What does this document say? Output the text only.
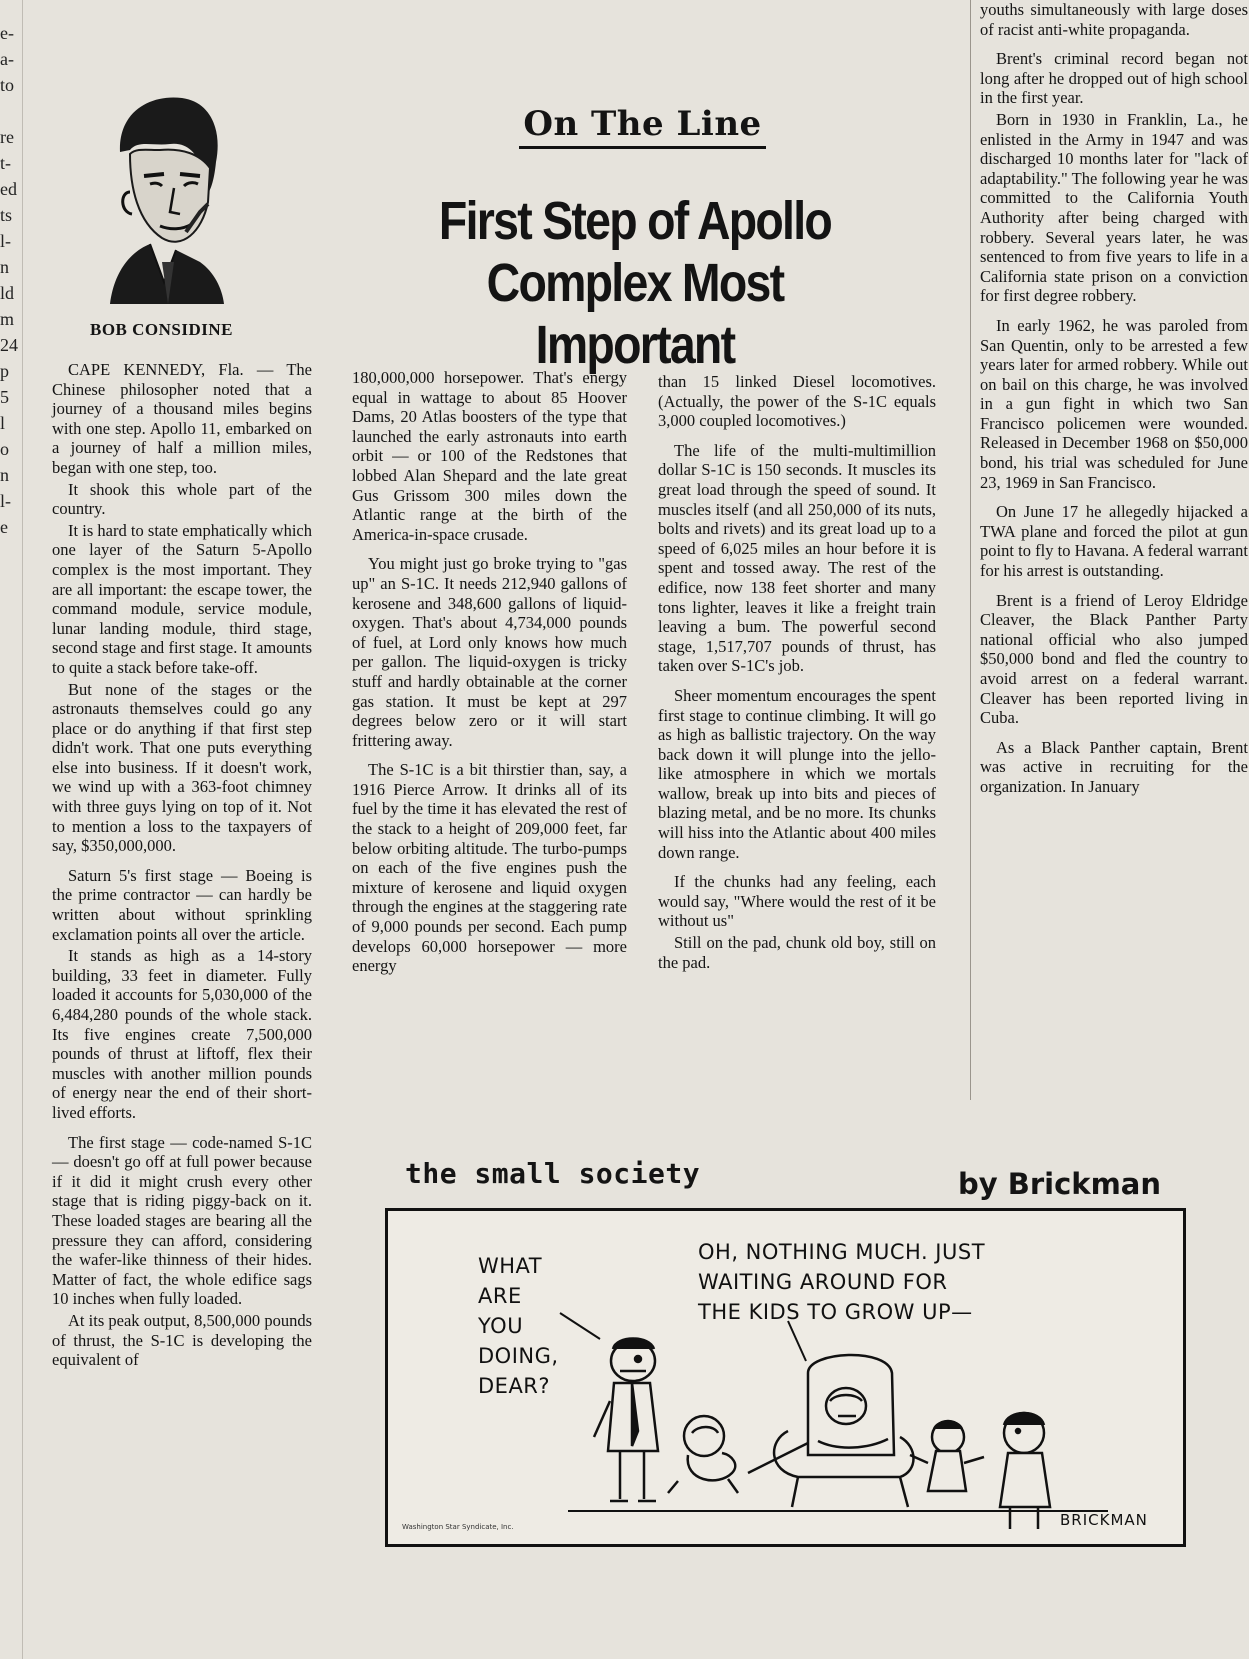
e-
a-
to

re
t-
ed
ts
l-
n
ld
m
24
p
5
l
o
n
l-
e
BOB CONSIDINE
On The Line
First Step of Apollo
Complex Most Important

CAPE KENNEDY, Fla. — The Chinese philosopher noted that a journey of a thousand miles begins with one step. Apollo 11, embarked on a journey of half a million miles, began with one step, too.

It shook this whole part of the country.

It is hard to state emphatically which one layer of the Saturn 5-Apollo complex is the most important. They are all important: the escape tower, the command module, service module, lunar landing module, third stage, second stage and first stage. It amounts to quite a stack before take-off.

But none of the stages or the astronauts themselves could go any place or do anything if that first step didn't work. That one puts everything else into business. If it doesn't work, we wind up with a 363-foot chimney with three guys lying on top of it. Not to mention a loss to the taxpayers of say, $350,000,000.

Saturn 5's first stage — Boeing is the prime contractor — can hardly be written about without sprinkling exclamation points all over the article.

It stands as high as a 14-story building, 33 feet in diameter. Fully loaded it accounts for 5,030,000 of the 6,484,280 pounds of the whole stack. Its five engines create 7,500,000 pounds of thrust at liftoff, flex their muscles with another million pounds of energy near the end of their short-lived efforts.

The first stage — code-named S-1C — doesn't go off at full power because if it did it might crush every other stage that is riding piggy-back on it. These loaded stages are bearing all the pressure they can afford, considering the wafer-like thinness of their hides. Matter of fact, the whole edifice sags 10 inches when fully loaded.

At its peak output, 8,500,000 pounds of thrust, the S-1C is developing the equivalent of

180,000,000 horsepower. That's energy equal in wattage to about 85 Hoover Dams, 20 Atlas boosters of the type that launched the early astronauts into earth orbit — or 100 of the Redstones that lobbed Alan Shepard and the late great Gus Grissom 300 miles down the Atlantic range at the birth of the America-in-space crusade.

You might just go broke trying to "gas up" an S-1C. It needs 212,940 gallons of kerosene and 348,600 gallons of liquid-oxygen. That's about 4,734,000 pounds of fuel, at Lord only knows how much per gallon. The liquid-oxygen is tricky stuff and hardly obtainable at the corner gas station. It must be kept at 297 degrees below zero or it will start frittering away.

The S-1C is a bit thirstier than, say, a 1916 Pierce Arrow. It drinks all of its fuel by the time it has elevated the rest of the stack to a height of 209,000 feet, far below orbiting altitude. The turbo-pumps on each of the five engines push the mixture of kerosene and liquid oxygen through the engines at the staggering rate of 9,000 pounds per second. Each pump develops 60,000 horsepower — more energy

than 15 linked Diesel locomotives. (Actually, the power of the S-1C equals 3,000 coupled locomotives.)

The life of the multi-multimillion dollar S-1C is 150 seconds. It muscles its great load through the speed of sound. It muscles itself (and all 250,000 of its nuts, bolts and rivets) and its great load up to a speed of 6,025 miles an hour before it is spent and tossed away. The rest of the edifice, now 138 feet shorter and many tons lighter, leaves it like a freight train leaving a bum. The powerful second stage, 1,517,707 pounds of thrust, has taken over S-1C's job.

Sheer momentum encourages the spent first stage to continue climbing. It will go as high as ballistic trajectory. On the way back down it will plunge into the jello-like atmosphere in which we mortals wallow, break up into bits and pieces of blazing metal, and be no more. Its chunks will hiss into the Atlantic about 400 miles down range.

If the chunks had any feeling, each would say, "Where would the rest of it be without us"

Still on the pad, chunk old boy, still on the pad.

youths simultaneously with large doses of racist anti-white propaganda.

Brent's criminal record began not long after he dropped out of high school in the first year.

Born in 1930 in Franklin, La., he enlisted in the Army in 1947 and was discharged 10 months later for "lack of adaptability." The following year he was committed to the California Youth Authority after being charged with robbery. Several years later, he was sentenced to from five years to life in a California state prison on a conviction for first degree robbery.

In early 1962, he was paroled from San Quentin, only to be arrested a few years later for armed robbery. While out on bail on this charge, he was involved in a gun fight in which two San Francisco policemen were wounded. Released in December 1968 on $50,000 bond, his trial was scheduled for June 23, 1969 in San Francisco.

On June 17 he allegedly hijacked a TWA plane and forced the pilot at gun point to fly to Havana. A federal warrant for his arrest is outstanding.

Brent is a friend of Leroy Eldridge Cleaver, the Black Panther Party national official who also jumped $50,000 bond and fled the country to avoid arrest on a federal warrant. Cleaver has been reported living in Cuba.

As a Black Panther captain, Brent was active in recruiting for the organization. In January

the small society	by Brickman
WHAT
ARE
YOU
DOING,
DEAR?
OH, NOTHING MUCH. JUST
WAITING AROUND FOR
THE KIDS TO GROW UP—
Washington Star Syndicate, Inc.	BRICKMAN
